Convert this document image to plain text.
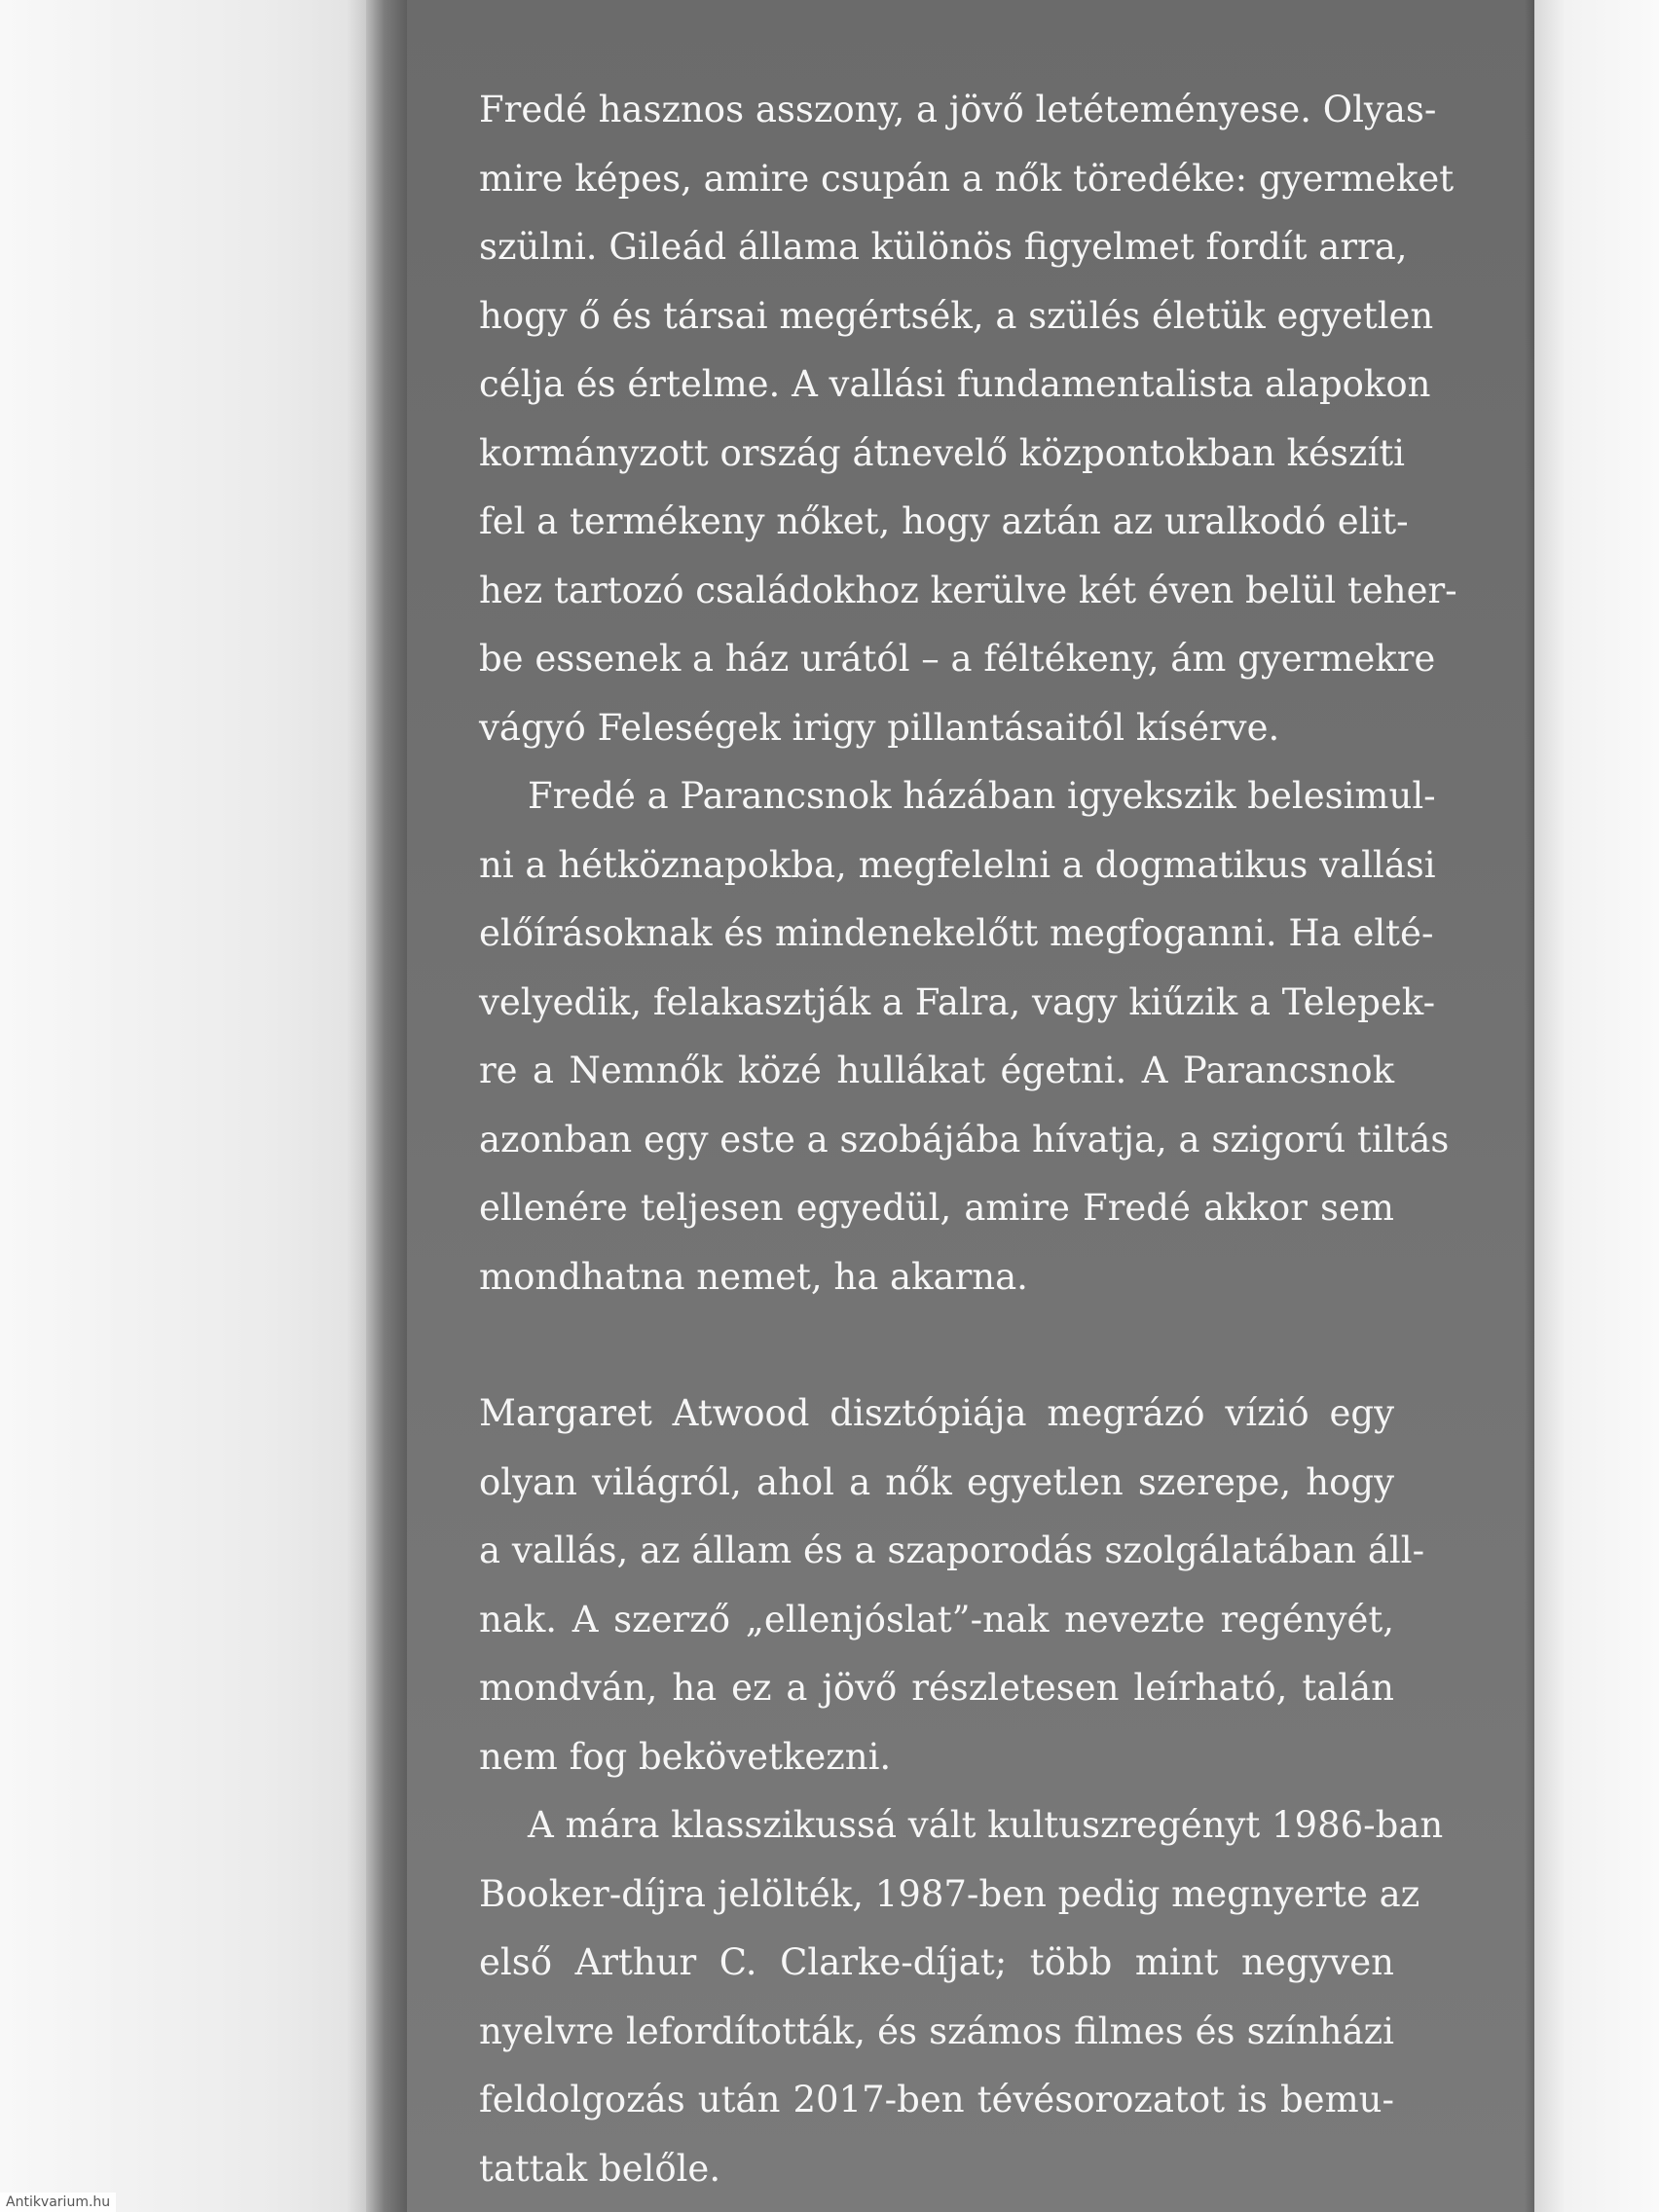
Fredé hasznos asszony, a jövő letéteményese. Olyas-
mire képes, amire csupán a nők töredéke: gyermeket
szülni. Gileád állama különös figyelmet fordít arra,
hogy ő és társai megértsék, a szülés életük egyetlen
célja és értelme. A vallási fundamentalista alapokon
kormányzott ország átnevelő központokban készíti
fel a termékeny nőket, hogy aztán az uralkodó elit-
hez tartozó családokhoz kerülve két éven belül teher-
be essenek a ház urától – a féltékeny, ám gyermekre
vágyó Feleségek irigy pillantásaitól kísérve.
Fredé a Parancsnok házában igyekszik belesimul-
ni a hétköznapokba, megfelelni a dogmatikus vallási
előírásoknak és mindenekelőtt megfoganni. Ha elté-
velyedik, felakasztják a Falra, vagy kiűzik a Telepek-
re a Nemnők közé hullákat égetni. A Parancsnok
azonban egy este a szobájába hívatja, a szigorú tiltás
ellenére teljesen egyedül, amire Fredé akkor sem
mondhatna nemet, ha akarna.
Margaret Atwood disztópiája megrázó vízió egy
olyan világról, ahol a nők egyetlen szerepe, hogy
a vallás, az állam és a szaporodás szolgálatában áll-
nak. A szerző „ellenjóslat”-nak nevezte regényét,
mondván, ha ez a jövő részletesen leírható, talán
nem fog bekövetkezni.
A mára klasszikussá vált kultuszregényt 1986-ban
Booker-díjra jelölték, 1987-ben pedig megnyerte az
első Arthur C. Clarke-díjat; több mint negyven
nyelvre lefordították, és számos filmes és színházi
feldolgozás után 2017-ben tévésorozatot is bemu-
tattak belőle.
Antikvarium.hu
